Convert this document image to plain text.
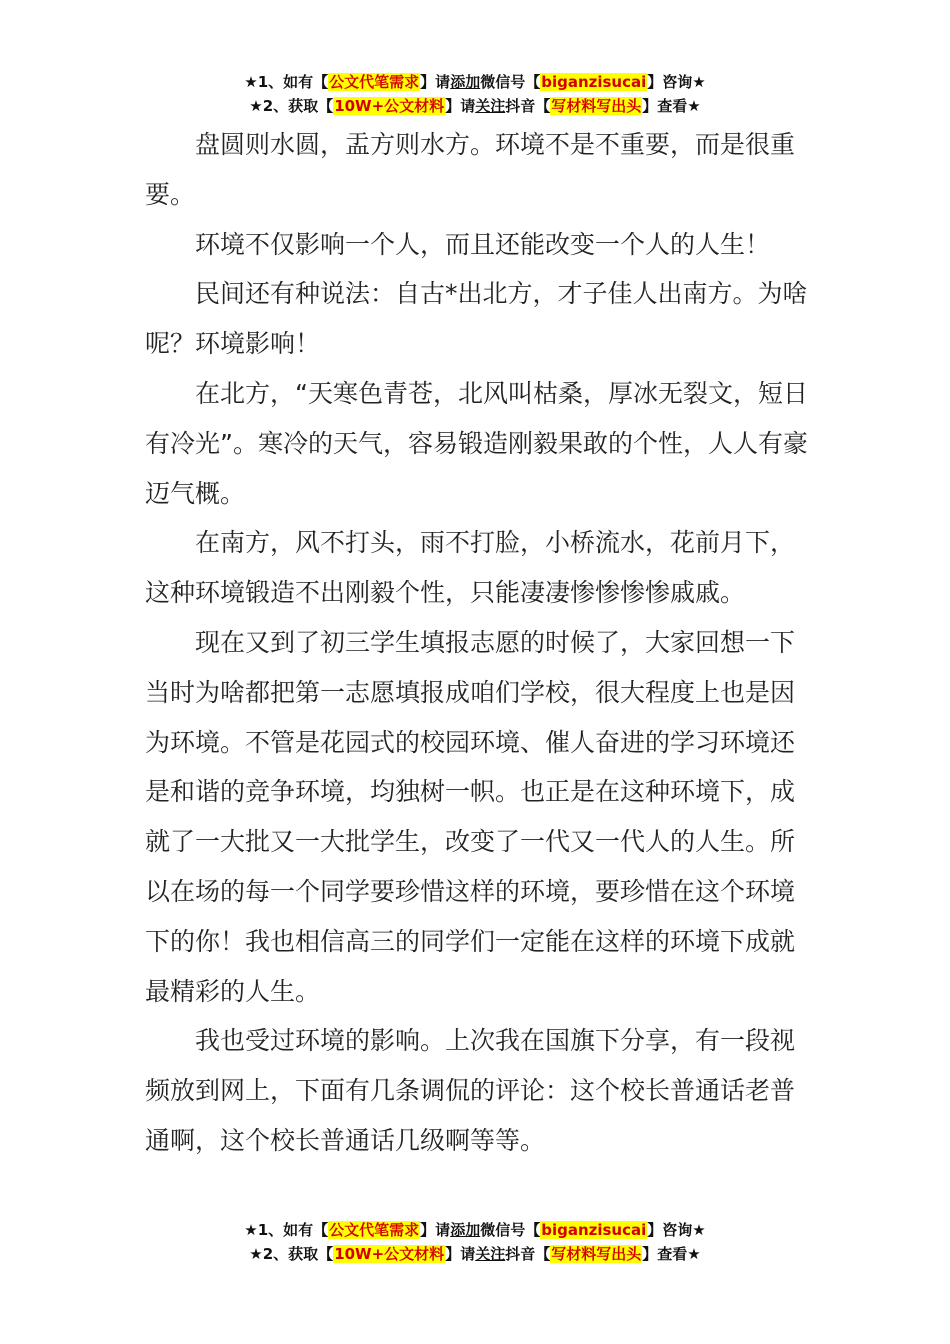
★1、如有【公文代笔需求】请添加微信号【biganzisucai】咨询★
★2、获取【10W+公文材料】请关注抖音【写材料写出头】查看★

盘圆则水圆，盂方则水方。环境不是不重要，而是很重要。

环境不仅影响一个人，而且还能改变一个人的人生！

民间还有种说法：自古*出北方，才子佳人出南方。为啥呢？环境影响！

在北方，“天寒色青苍，北风叫枯桑，厚冰无裂文，短日有冷光”。寒冷的天气，容易锻造刚毅果敢的个性，人人有豪迈气概。

在南方，风不打头，雨不打脸，小桥流水，花前月下，这种环境锻造不出刚毅个性，只能凄凄惨惨惨惨戚戚。

现在又到了初三学生填报志愿的时候了，大家回想一下当时为啥都把第一志愿填报成咱们学校，很大程度上也是因为环境。不管是花园式的校园环境、催人奋进的学习环境还是和谐的竞争环境，均独树一帜。也正是在这种环境下，成就了一大批又一大批学生，改变了一代又一代人的人生。所以在场的每一个同学要珍惜这样的环境，要珍惜在这个环境下的你！我也相信高三的同学们一定能在这样的环境下成就最精彩的人生。

我也受过环境的影响。上次我在国旗下分享，有一段视频放到网上，下面有几条调侃的评论：这个校长普通话老普通啊，这个校长普通话几级啊等等。

★1、如有【公文代笔需求】请添加微信号【biganzisucai】咨询★
★2、获取【10W+公文材料】请关注抖音【写材料写出头】查看★
